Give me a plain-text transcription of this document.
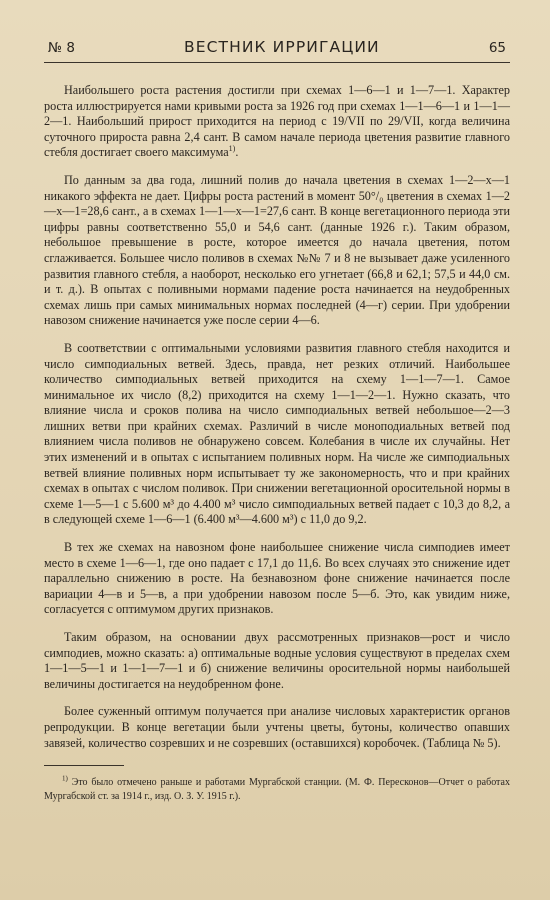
№ 8	ВЕСТНИК ИРРИГАЦИИ	65

Наибольшего роста растения достигли при схемах 1—6—1 и 1—7—1. Характер роста иллюстрируется нами кривыми роста за 1926 год при схемах 1—1—6—1 и 1—1—2—1. Наибольший прирост приходится на период с 19/VII по 29/VII, когда величина суточного прироста равна 2,4 сант. В самом начале периода цветения развитие главного стебля достигает своего максимума$^{1)}$.

По данным за два года, лишний полив до начала цветения в схемах 1—2—х—1 никакого эффекта не дает. Цифры роста растений в момент 50°/₀ цветения в схемах 1—2—х—1=28,6 сант., а в схемах 1—1—х—1=27,6 сант. В конце вегетационного периода эти цифры равны соответственно 55,0 и 54,6 сант. (данные 1926 г.). Таким образом, небольшое превышение в росте, которое имеется до начала цветения, потом сглаживается. Большее число поливов в схемах №№ 7 и 8 не вызывает даже усиленного развития главного стебля, а наоборот, несколько его угнетает (66,8 и 62,1; 57,5 и 44,0 см. и т. д.). В опытах с поливными нормами падение роста начинается на неудобренных схемах лишь при самых минимальных нормах последней (4—г) серии. При удобрении навозом снижение начинается уже после серии 4—6.

В соответствии с оптимальными условиями развития главного стебля находится и число симподиальных ветвей. Здесь, правда, нет резких отличий. Наибольшее количество симподиальных ветвей приходится на схему 1—1—7—1. Самое минимальное их число (8,2) приходится на схему 1—1—2—1. Нужно сказать, что влияние числа и сроков полива на число симподиальных ветвей небольшое—2—3 лишних ветви при крайних схемах. Различий в числе моноподиальных ветвей под влиянием числа поливов не обнаружено совсем. Колебания в числе их случайны. Нет этих изменений и в опытах с испытанием поливных норм. На числе же симподиальных ветвей влияние поливных норм испытывает ту же закономерность, что и при крайних схемах в опытах с числом поливок. При снижении вегетационной оросительной нормы в схеме 1—5—1 с 5.600 м³ до 4.400 м³ число симподиальных ветвей падает с 10,3 до 8,2, а в следующей схеме 1—6—1 (6.400 м³—4.600 м³) с 11,0 до 9,2.

В тех же схемах на навозном фоне наибольшее снижение числа симподиев имеет место в схеме 1—6—1, где оно падает с 17,1 до 11,6. Во всех случаях это снижение идет параллельно снижению в росте. На безнавозном фоне снижение начинается после вариации 4—в и 5—в, а при удобрении навозом после 5—б. Это, как увидим ниже, согласуется с оптимумом других признаков.

Таким образом, на основании двух рассмотренных признаков—рост и число симподиев, можно сказать: а) оптимальные водные условия существуют в пределах схем 1—1—5—1 и 1—1—7—1 и б) снижение величины оросительной нормы наибольшей величины достигается на неудобренном фоне.

Более суженный оптимум получается при анализе числовых характеристик органов репродукции. В конце вегетации были учтены цветы, бутоны, количество опавших завязей, количество созревших и не созревших (оставшихся) коробочек. (Таблица № 5).

$^{1)}$ Это было отмечено раньше и работами Мургабской станции. (М. Ф. Пересконов—Отчет о работах Мургабской ст. за 1914 г., изд. О. З. У. 1915 г.).
